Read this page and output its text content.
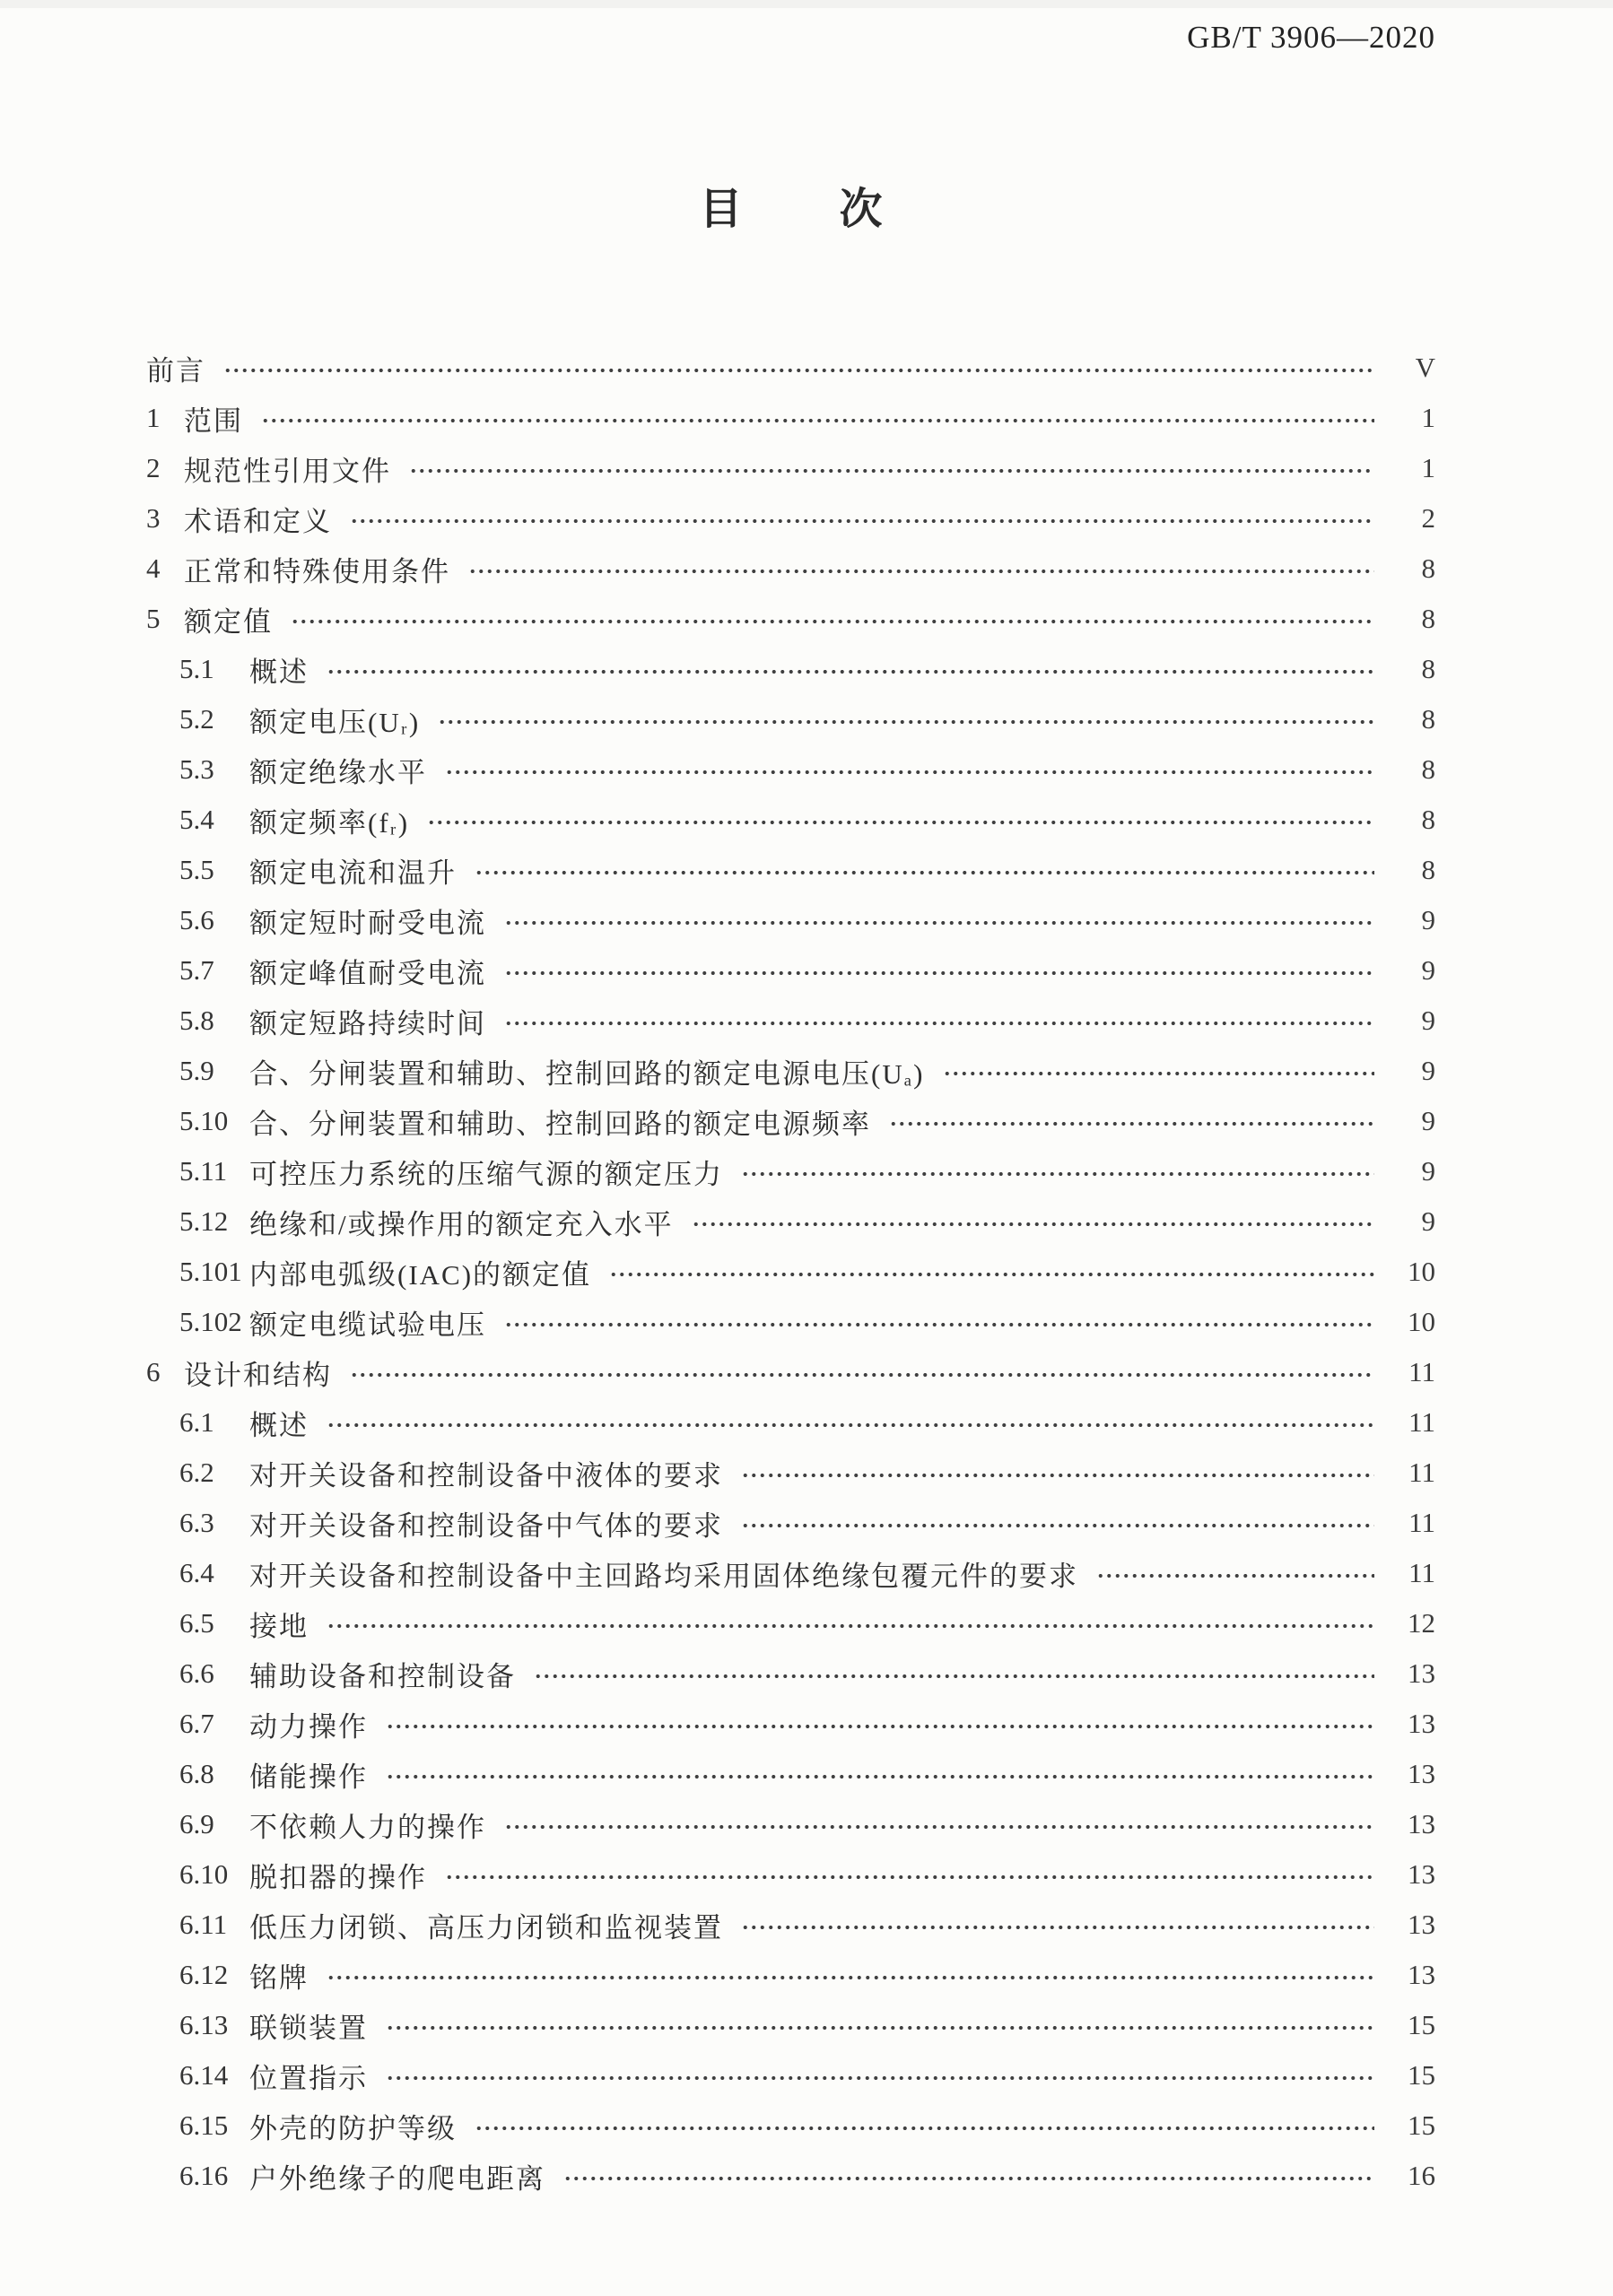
GB/T 3906—2020
目 次
前言	V
1 范围	1
2 规范性引用文件	1
3 术语和定义	2
4 正常和特殊使用条件	8
5 额定值	8
5.1	概述	8
5.2	额定电压(Uᵣ)	8
5.3	额定绝缘水平	8
5.4	额定频率(fᵣ)	8
5.5	额定电流和温升	8
5.6	额定短时耐受电流	9
5.7	额定峰值耐受电流	9
5.8	额定短路持续时间	9
5.9	合、分闸装置和辅助、控制回路的额定电源电压(Uₐ)	9
5.10 合、分闸装置和辅助、控制回路的额定电源频率	9
5.11 可控压力系统的压缩气源的额定压力	9
5.12 绝缘和/或操作用的额定充入水平	9
5.101 内部电弧级(IAC)的额定值	10
5.102 额定电缆试验电压	10
6 设计和结构	11
6.1	概述	11
6.2	对开关设备和控制设备中液体的要求	11
6.3	对开关设备和控制设备中气体的要求	11
6.4	对开关设备和控制设备中主回路均采用固体绝缘包覆元件的要求	11
6.5	接地	12
6.6	辅助设备和控制设备	13
6.7	动力操作	13
6.8	储能操作	13
6.9	不依赖人力的操作	13
6.10 脱扣器的操作	13
6.11 低压力闭锁、高压力闭锁和监视装置	13
6.12 铭牌	13
6.13 联锁装置	15
6.14 位置指示	15
6.15 外壳的防护等级	15
6.16 户外绝缘子的爬电距离	16
